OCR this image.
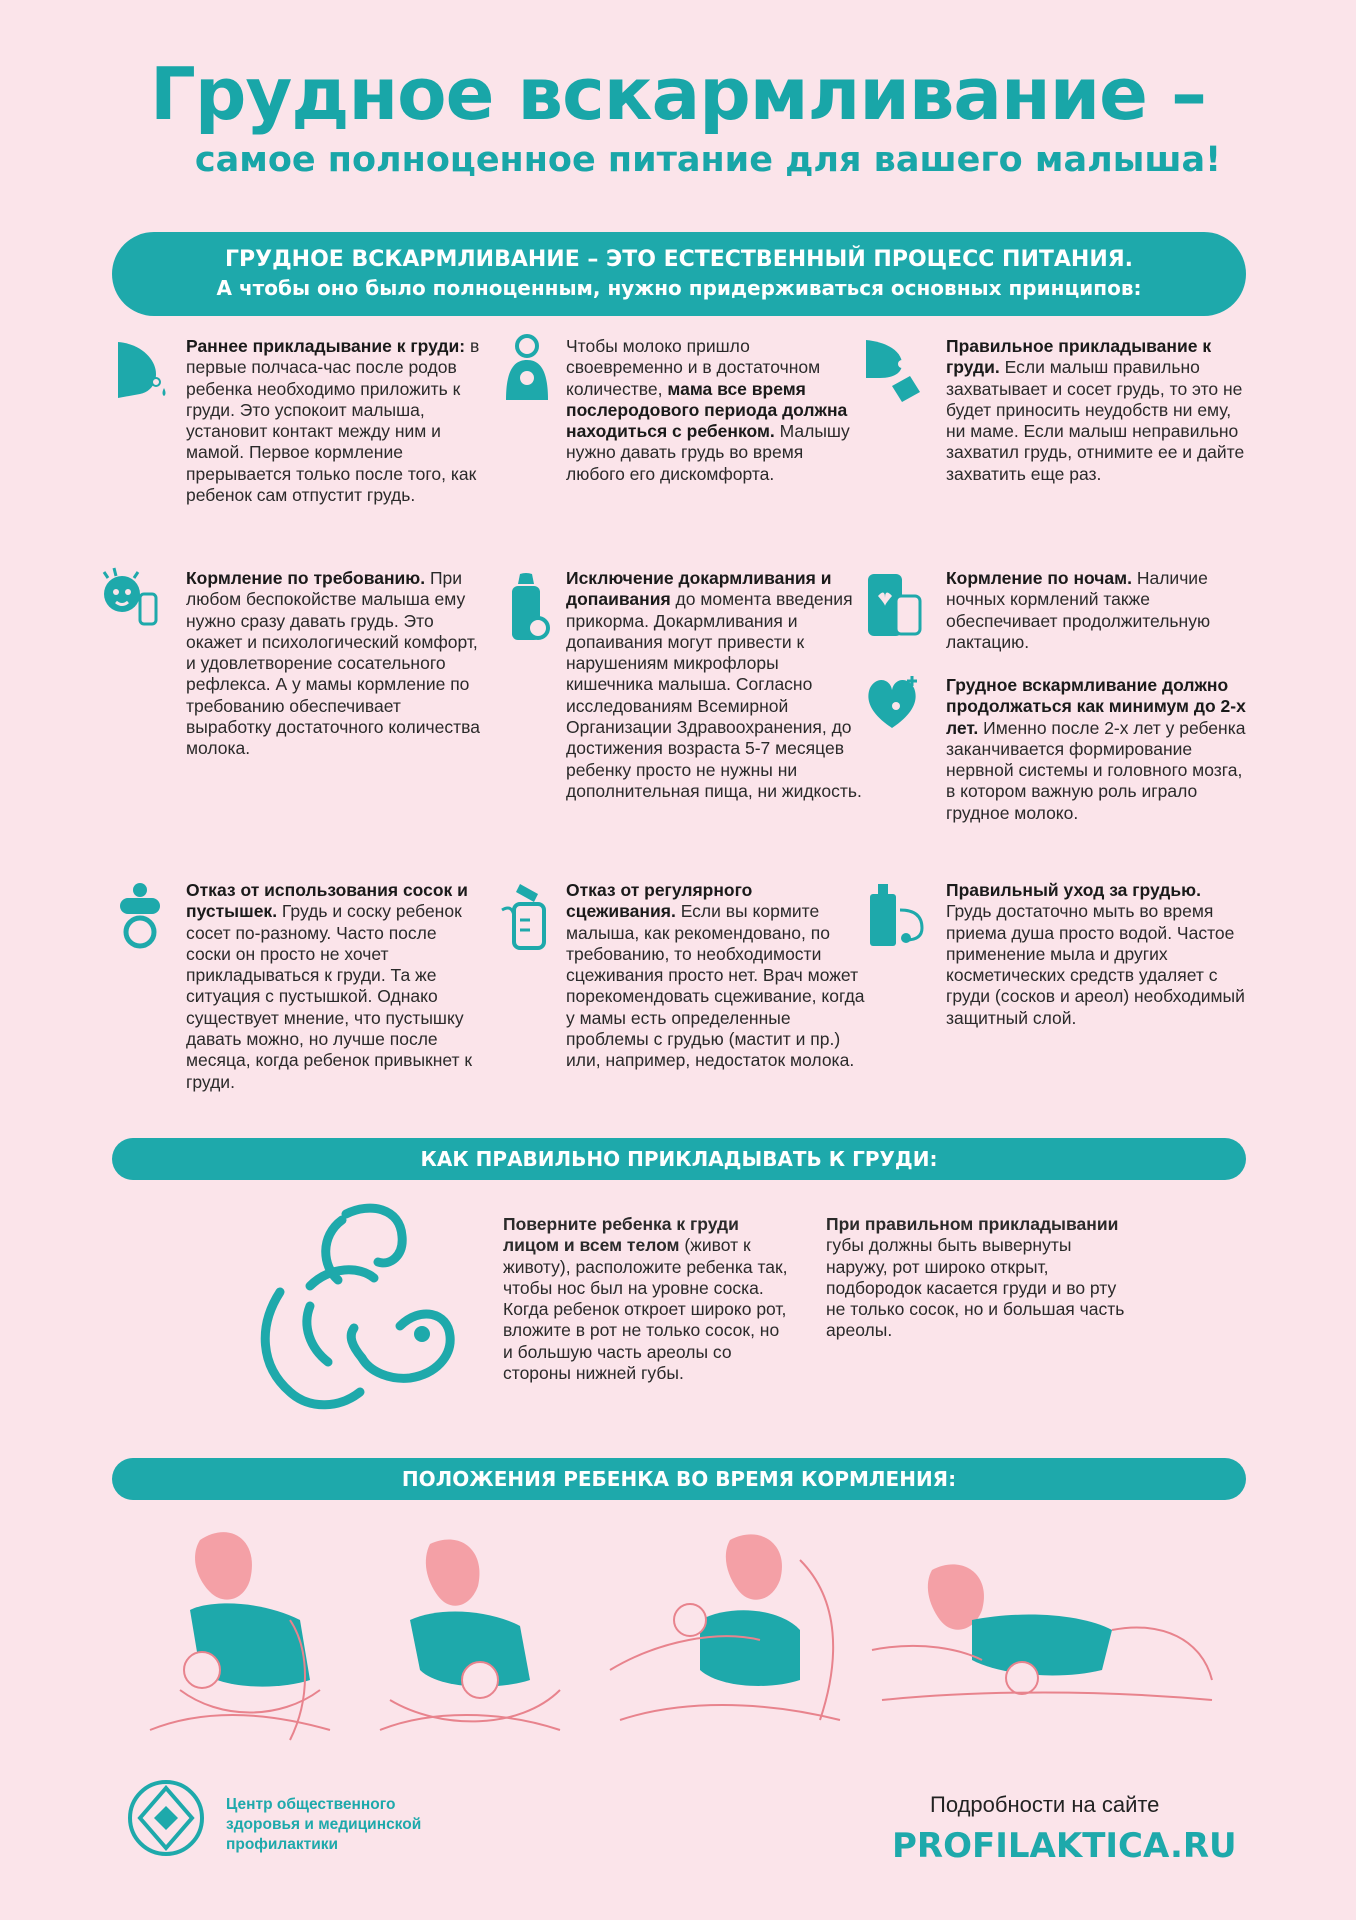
Грудное вскармливание –
самое полноценное питание для вашего малыша!
ГРУДНОЕ ВСКАРМЛИВАНИЕ – ЭТО ЕСТЕСТВЕННЫЙ ПРОЦЕСС ПИТАНИЯ.
А чтобы оно было полноценным, нужно придерживаться основных принципов:
Раннее прикладывание к груди: в первые полчаса-час после родов ребенка необходимо приложить к груди. Это успокоит малыша, установит контакт между ним и мамой. Первое кормление прерывается только после того, как ребенок сам отпустит грудь.
Чтобы молоко пришло своевременно и в достаточном количестве, мама все время послеродового периода должна находиться с ребенком. Малышу нужно давать грудь во время любого его дискомфорта.
Правильное прикладывание к груди. Если малыш правильно захватывает и сосет грудь, то это не будет приносить неудобств ни ему, ни маме. Если малыш неправильно захватил грудь, отнимите ее и дайте захватить еще раз.
Кормление по требованию. При любом беспокойстве малыша ему нужно сразу давать грудь. Это окажет и психологический комфорт, и удовлетворение сосательного рефлекса. А у мамы кормление по требованию обеспечивает выработку достаточного количества молока.
Исключение докармливания и допаивания до момента введения прикорма. Докармливания и допаивания могут привести к нарушениям микрофлоры кишечника малыша. Согласно исследованиям Всемирной Организации Здравоохранения, до достижения возраста 5-7 месяцев ребенку просто не нужны ни дополнительная пища, ни жидкость.
Кормление по ночам. Наличие ночных кормлений также обеспечивает продолжительную лактацию.
Грудное вскармливание должно продолжаться как минимум до 2-х лет. Именно после 2-х лет у ребенка заканчивается формирование нервной системы и головного мозга, в котором важную роль играло грудное молоко.
Отказ от использования сосок и пустышек. Грудь и соску ребенок сосет по-разному. Часто после соски он просто не хочет прикладываться к груди. Та же ситуация с пустышкой. Однако существует мнение, что пустышку давать можно, но лучше после месяца, когда ребенок привыкнет к груди.
Отказ от регулярного сцеживания. Если вы кормите малыша, как рекомендовано, по требованию, то необходимости сцеживания просто нет. Врач может порекомендовать сцеживание, когда у мамы есть определенные проблемы с грудью (мастит и пр.) или, например, недостаток молока.
Правильный уход за грудью. Грудь достаточно мыть во время приема душа просто водой. Частое применение мыла и других косметических средств удаляет с груди (сосков и ареол) необходимый защитный слой.
КАК ПРАВИЛЬНО ПРИКЛАДЫВАТЬ К ГРУДИ:
Поверните ребенка к груди лицом и всем телом (живот к животу), расположите ребенка так, чтобы нос был на уровне соска. Когда ребенок откроет широко рот, вложите в рот не только сосок, но и большую часть ареолы со стороны нижней губы.
При правильном прикладывании губы должны быть вывернуты наружу, рот широко открыт, подбородок касается груди и во рту не только сосок, но и большая часть ареолы.
ПОЛОЖЕНИЯ РЕБЕНКА ВО ВРЕМЯ КОРМЛЕНИЯ:
Центр общественного
здоровья и медицинской
профилактики
Подробности на сайте
PROFILAKTICA.RU
